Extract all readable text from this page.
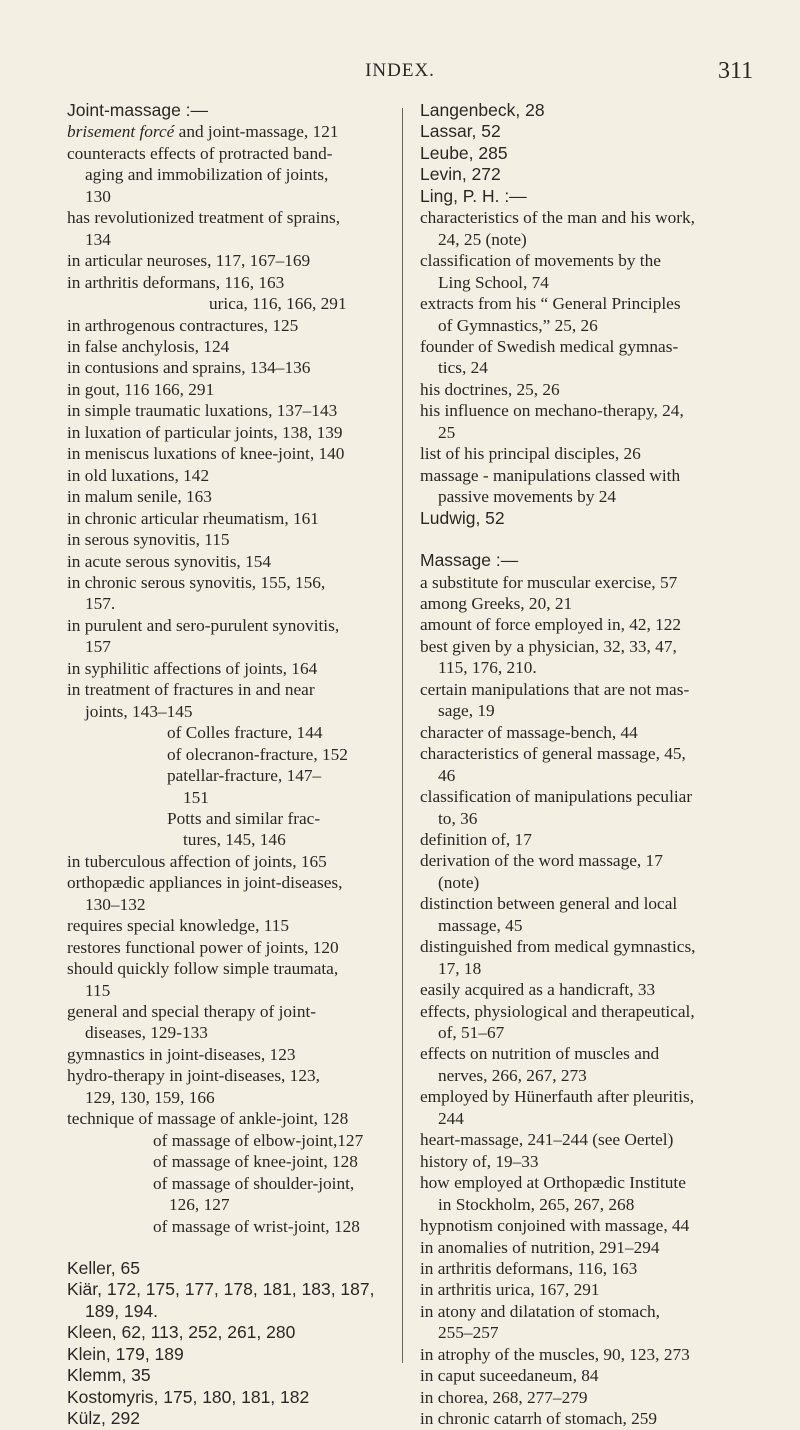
INDEX.	311
Joint-massage :—
brisement forcé and joint-massage, 121
counteracts effects of protracted band-
aging and immobilization of joints,
130
has revolutionized treatment of sprains,
134
in articular neuroses, 117, 167–169
in arthritis deformans, 116, 163
urica, 116, 166, 291
in arthrogenous contractures, 125
in false anchylosis, 124
in contusions and sprains, 134–136
in gout, 116 166, 291
in simple traumatic luxations, 137–143
in luxation of particular joints, 138, 139
in meniscus luxations of knee-joint, 140
in old luxations, 142
in malum senile, 163
in chronic articular rheumatism, 161
in serous synovitis, 115
in acute serous synovitis, 154
in chronic serous synovitis, 155, 156,
157.
in purulent and sero-purulent synovitis,
157
in syphilitic affections of joints, 164
in treatment of fractures in and near
joints, 143–145
of Colles fracture, 144
of olecranon-fracture, 152
patellar-fracture, 147–
151
Potts and similar frac-
tures, 145, 146
in tuberculous affection of joints, 165
orthopædic appliances in joint-diseases,
130–132
requires special knowledge, 115
restores functional power of joints, 120
should quickly follow simple traumata,
115
general and special therapy of joint-
diseases, 129-133
gymnastics in joint-diseases, 123
hydro-therapy in joint-diseases, 123,
129, 130, 159, 166
technique of massage of ankle-joint, 128
of massage of elbow-joint,127
of massage of knee-joint, 128
of massage of shoulder-joint,
126, 127
of massage of wrist-joint, 128
Keller, 65
Kiär, 172, 175, 177, 178, 181, 183, 187,
189, 194.
Kleen, 62, 113, 252, 261, 280
Klein, 179, 189
Klemm, 35
Kostomyris, 175, 180, 181, 182
Külz, 292
Langenbeck, 28
Lassar, 52
Leube, 285
Levin, 272
Ling, P. H. :—
characteristics of the man and his work,
24, 25 (note)
classification of movements by the
Ling School, 74
extracts from his “ General Principles
of Gymnastics,” 25, 26
founder of Swedish medical gymnas-
tics, 24
his doctrines, 25, 26
his influence on mechano-therapy, 24,
25
list of his principal disciples, 26
massage - manipulations classed with
passive movements by 24
Ludwig, 52
Massage :—
a substitute for muscular exercise, 57
among Greeks, 20, 21
amount of force employed in, 42, 122
best given by a physician, 32, 33, 47,
115, 176, 210.
certain manipulations that are not mas-
sage, 19
character of massage-bench, 44
characteristics of general massage, 45,
46
classification of manipulations peculiar
to, 36
definition of, 17
derivation of the word massage, 17
(note)
distinction between general and local
massage, 45
distinguished from medical gymnastics,
17, 18
easily acquired as a handicraft, 33
effects, physiological and therapeutical,
of, 51–67
effects on nutrition of muscles and
nerves, 266, 267, 273
employed by Hünerfauth after pleuritis,
244
heart-massage, 241–244 (see Oertel)
history of, 19–33
how employed at Orthopædic Institute
in Stockholm, 265, 267, 268
hypnotism conjoined with massage, 44
in anomalies of nutrition, 291–294
in arthritis deformans, 116, 163
in arthritis urica, 167, 291
in atony and dilatation of stomach,
255–257
in atrophy of the muscles, 90, 123, 273
in caput suceedaneum, 84
in chorea, 268, 277–279
in chronic catarrh of stomach, 259
